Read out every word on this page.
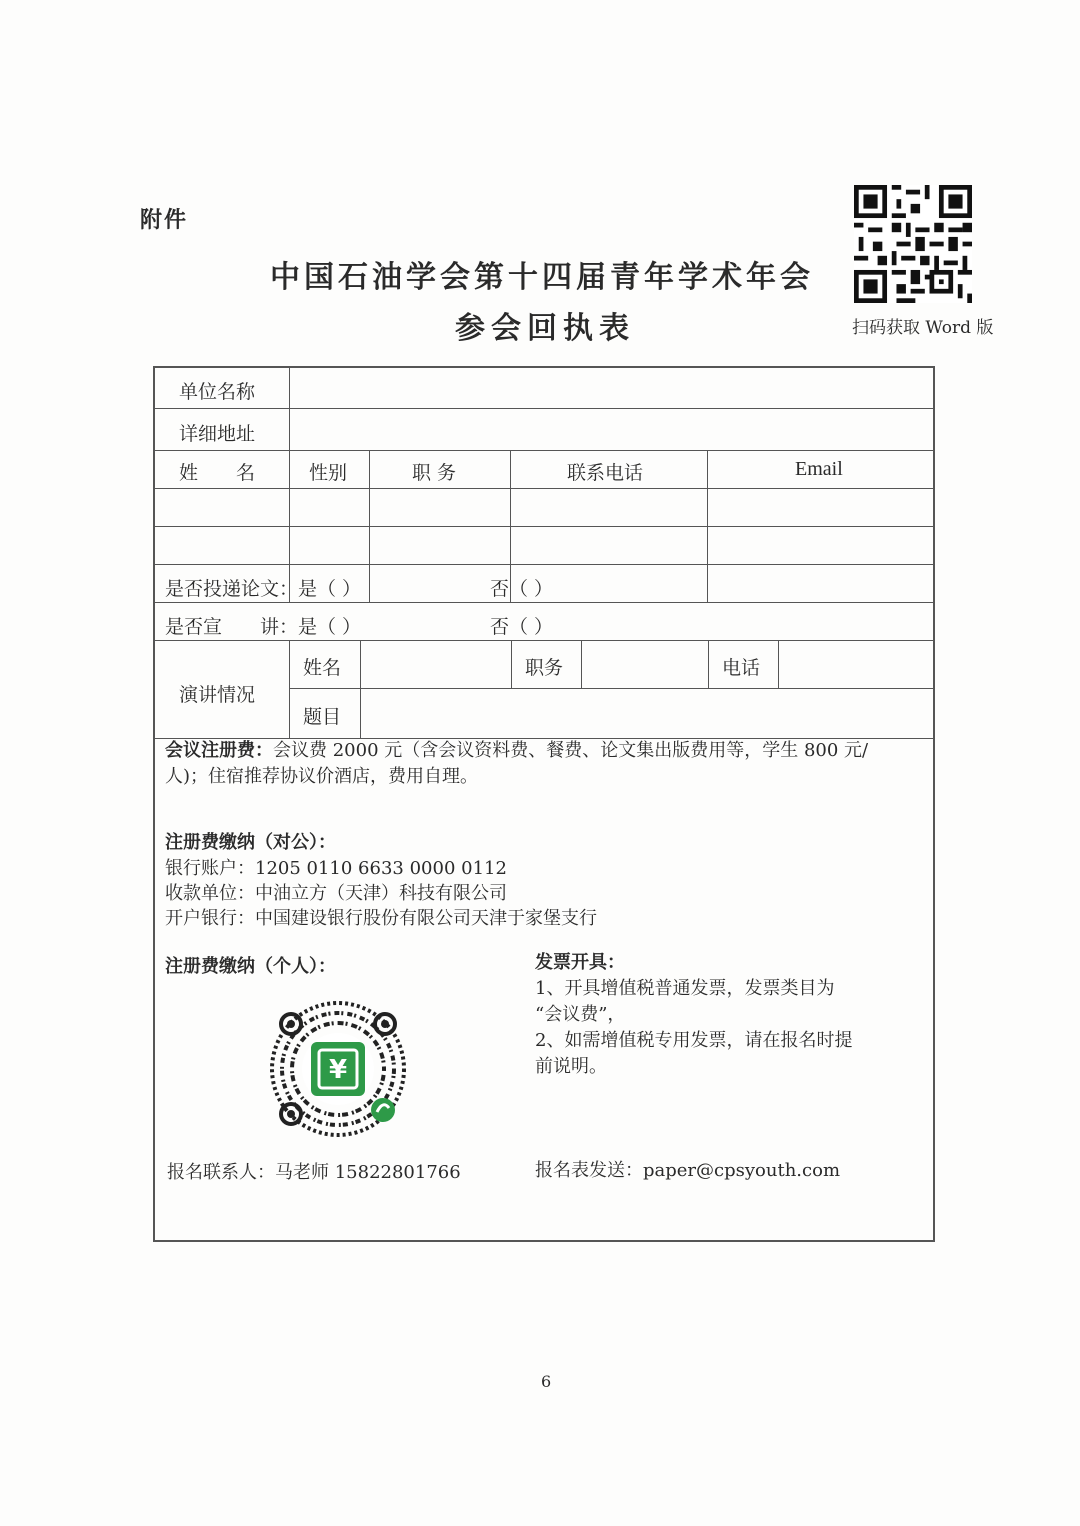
附件
中国石油学会第十四届青年学术年会
参会回执表	扫码获取 Word 版
单位名称
详细地址
姓　　名	性别	职 务	联系电话	Email
是否投递论文：是（ ）	否（ ）
是否宣　　讲：是（ ）	否（ ）
演讲情况
姓名	职务	电话
题目
会议注册费：会议费 2000 元（含会议资料费、餐费、论文集出版费用等，学生 800 元/
人)；住宿推荐协议价酒店，费用自理。
注册费缴纳（对公）：
银行账户：1205 0110 6633 0000 0112
收款单位：中油立方（天津）科技有限公司
开户银行：中国建设银行股份有限公司天津于家堡支行
注册费缴纳（个人）：	发票开具：
1、开具增值税普通发票，发票类目为
“会议费”，
2、如需增值税专用发票，请在报名时提
前说明。
报名联系人：马老师 15822801766	报名表发送：paper@cpsyouth.com
¥
6
